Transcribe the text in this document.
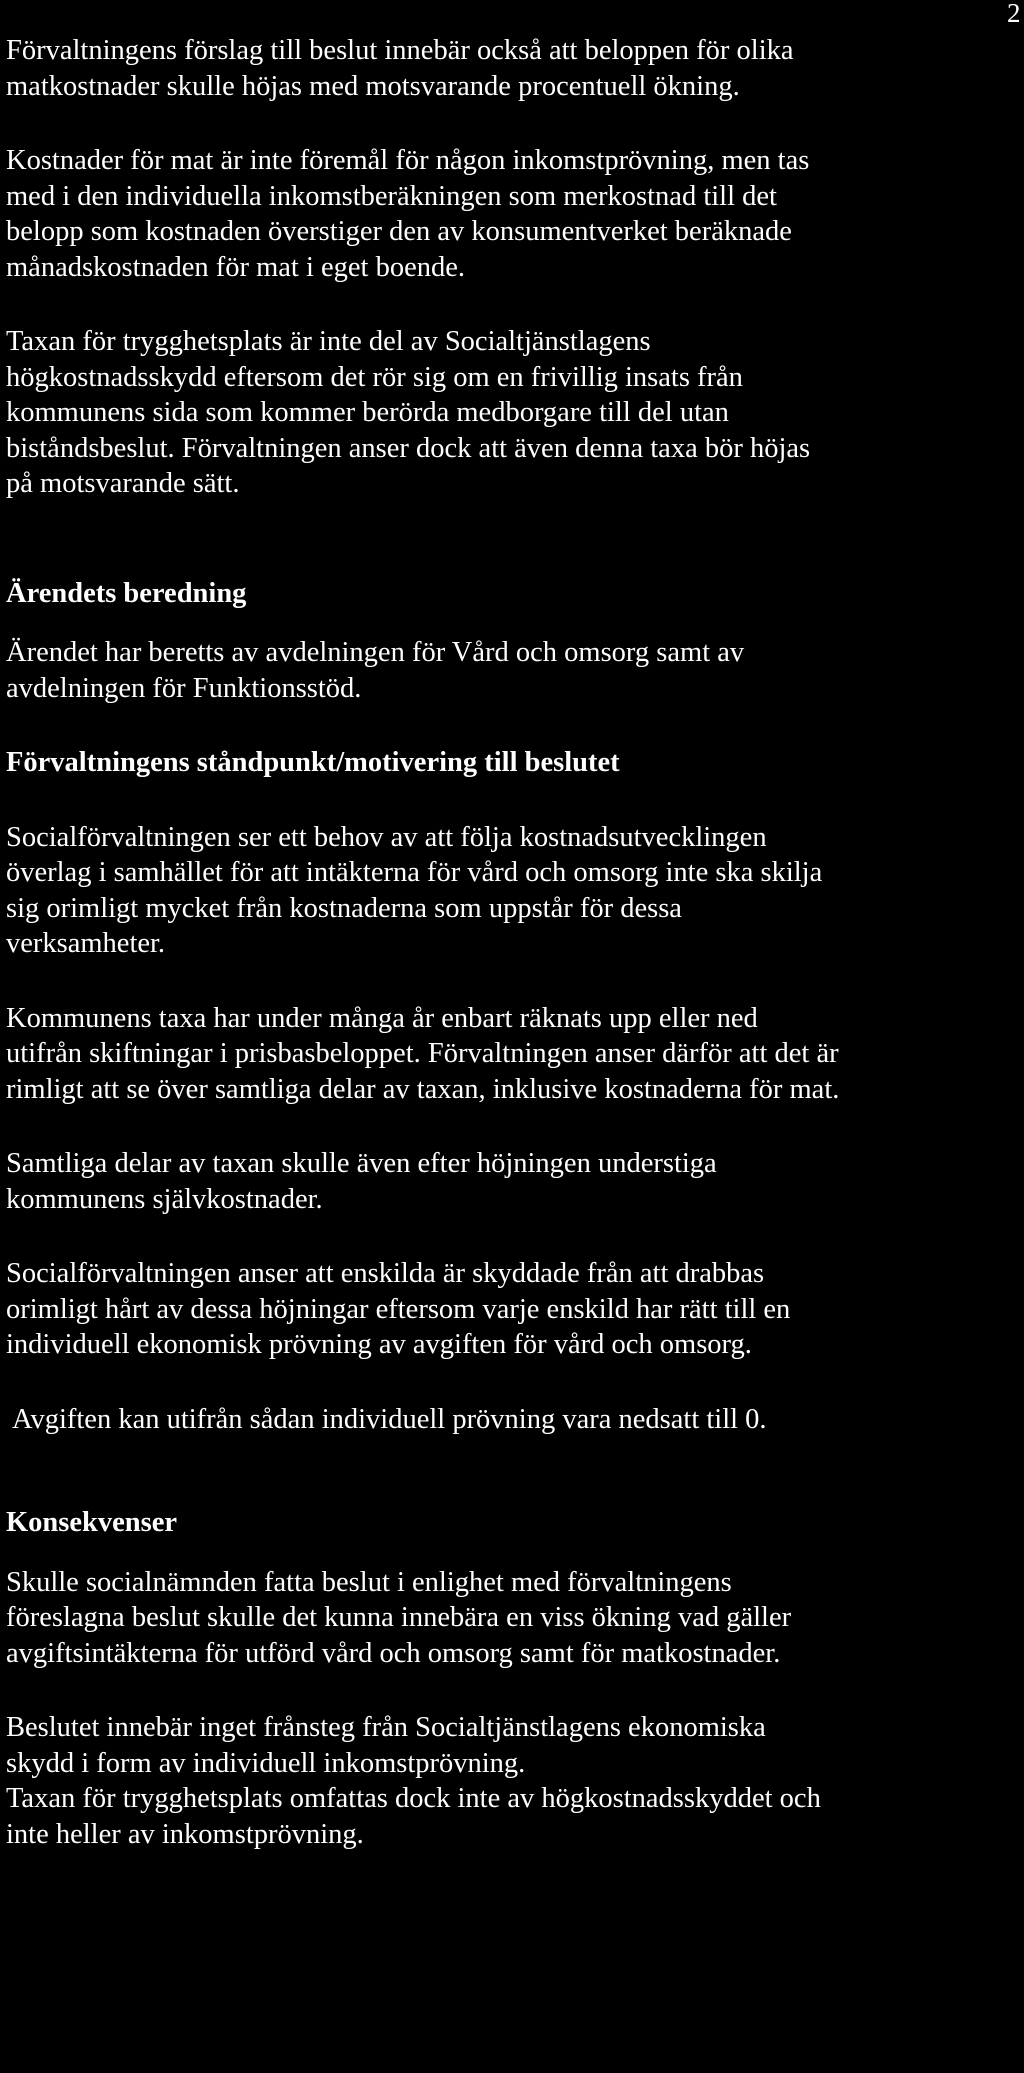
2

Förvaltningens förslag till beslut innebär också att beloppen för olika
matkostnader skulle höjas med motsvarande procentuell ökning.

Kostnader för mat är inte föremål för någon inkomstprövning, men tas
med i den individuella inkomstberäkningen som merkostnad till det
belopp som kostnaden överstiger den av konsumentverket beräknade
månadskostnaden för mat i eget boende.

Taxan för trygghetsplats är inte del av Socialtjänstlagens
högkostnadsskydd eftersom det rör sig om en frivillig insats från
kommunens sida som kommer berörda medborgare till del utan
biståndsbeslut. Förvaltningen anser dock att även denna taxa bör höjas
på motsvarande sätt.

Ärendets beredning

Ärendet har beretts av avdelningen för Vård och omsorg samt av
avdelningen för Funktionsstöd.

Förvaltningens ståndpunkt/motivering till beslutet

Socialförvaltningen ser ett behov av att följa kostnadsutvecklingen
överlag i samhället för att intäkterna för vård och omsorg inte ska skilja
sig orimligt mycket från kostnaderna som uppstår för dessa
verksamheter.

Kommunens taxa har under många år enbart räknats upp eller ned
utifrån skiftningar i prisbasbeloppet. Förvaltningen anser därför att det är
rimligt att se över samtliga delar av taxan, inklusive kostnaderna för mat.

Samtliga delar av taxan skulle även efter höjningen understiga
kommunens självkostnader.

Socialförvaltningen anser att enskilda är skyddade från att drabbas
orimligt hårt av dessa höjningar eftersom varje enskild har rätt till en
individuell ekonomisk prövning av avgiften för vård och omsorg.

Avgiften kan utifrån sådan individuell prövning vara nedsatt till 0.

Konsekvenser

Skulle socialnämnden fatta beslut i enlighet med förvaltningens
föreslagna beslut skulle det kunna innebära en viss ökning vad gäller
avgiftsintäkterna för utförd vård och omsorg samt för matkostnader.

Beslutet innebär inget frånsteg från Socialtjänstlagens ekonomiska
skydd i form av individuell inkomstprövning.
Taxan för trygghetsplats omfattas dock inte av högkostnadsskyddet och
inte heller av inkomstprövning.
